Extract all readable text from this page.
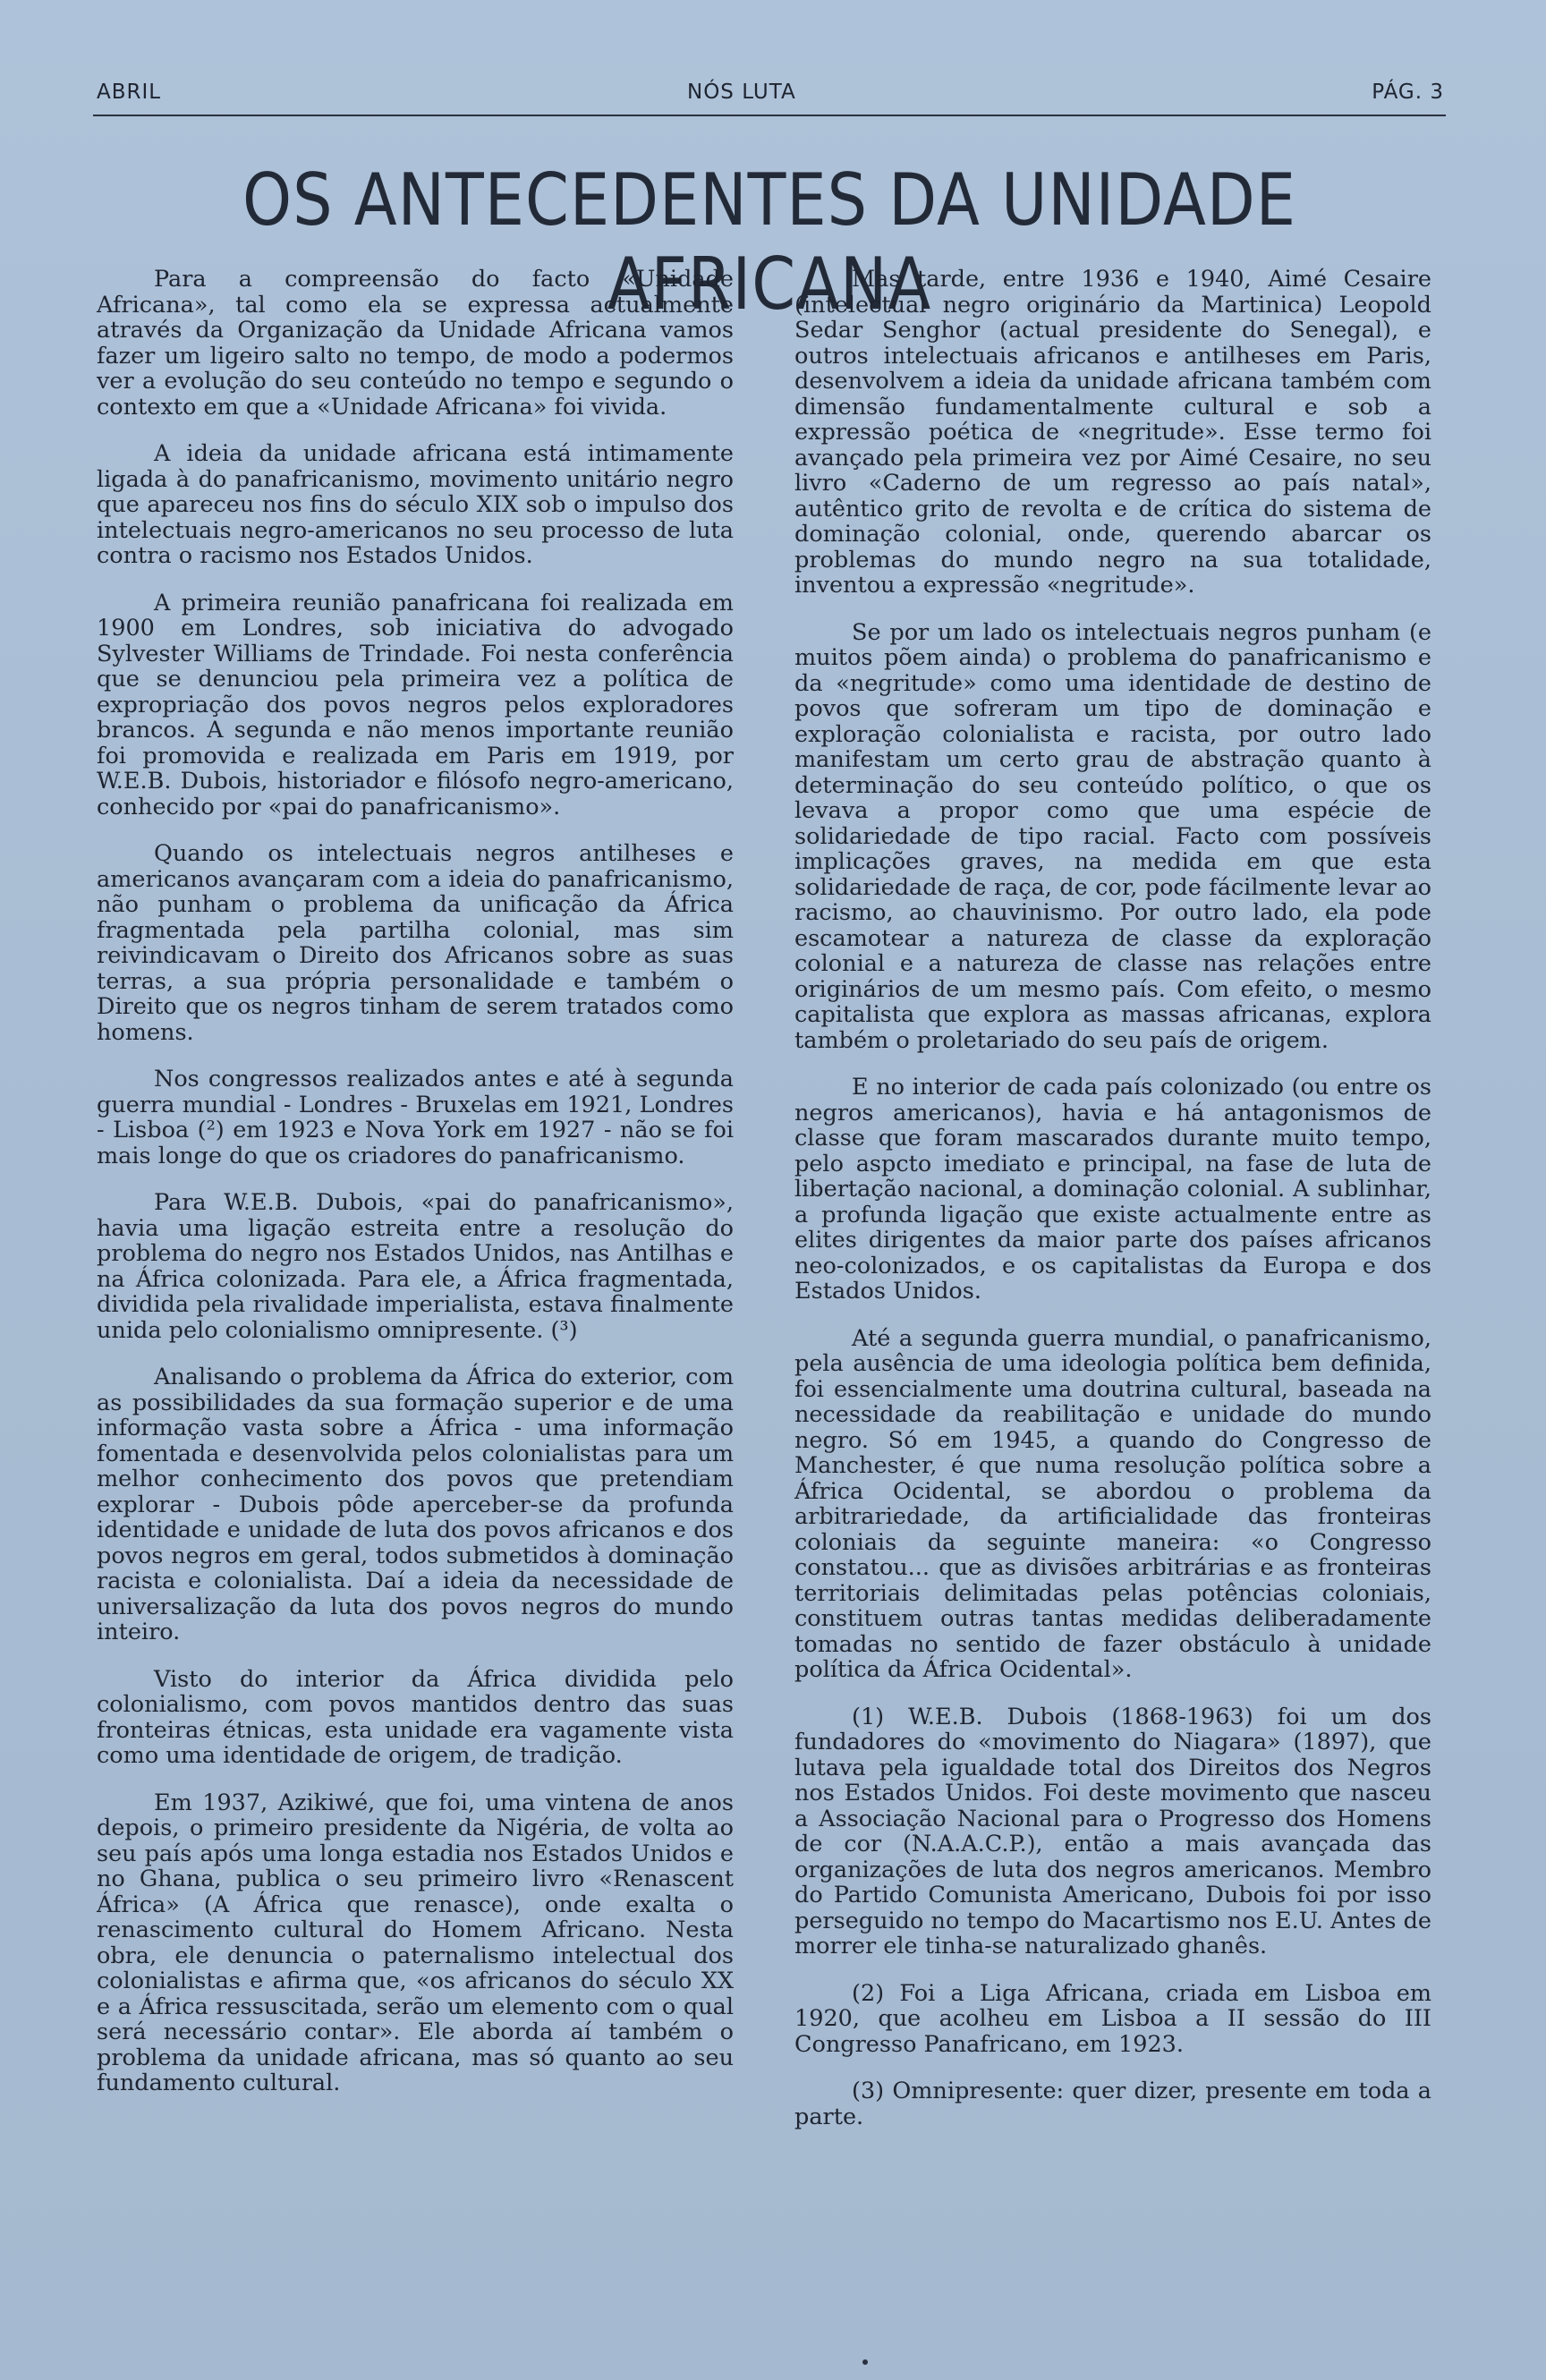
ABRIL	NÓS LUTA	PÁG. 3
OS ANTECEDENTES DA UNIDADE AFRICANA

Para a compreensão do facto «Unidade Africana», tal como ela se expressa actualmente através da Organização da Unidade Africana vamos fazer um ligeiro salto no tempo, de modo a podermos ver a evolução do seu conteúdo no tempo e segundo o contexto em que a «Unidade Africana» foi vivida.

A ideia da unidade africana está intimamente ligada à do panafricanismo, movimento unitário negro que apareceu nos fins do século XIX sob o impulso dos intelectuais negro-americanos no seu processo de luta contra o racismo nos Estados Unidos.

A primeira reunião panafricana foi realizada em 1900 em Londres, sob iniciativa do advogado Sylvester Williams de Trindade. Foi nesta conferência que se denunciou pela primeira vez a política de expropriação dos povos negros pelos exploradores brancos. A segunda e não menos importante reunião foi promovida e realizada em Paris em 1919, por W.E.B. Dubois, historiador e filósofo negro-americano, conhecido por «pai do panafricanismo».

Quando os intelectuais negros antilheses e americanos avançaram com a ideia do panafricanismo, não punham o problema da unificação da África fragmentada pela partilha colonial, mas sim reivindicavam o Direito dos Africanos sobre as suas terras, a sua própria personalidade e também o Direito que os negros tinham de serem tratados como homens.

Nos congressos realizados antes e até à segunda guerra mundial - Londres - Bruxelas em 1921, Londres - Lisboa (²) em 1923 e Nova York em 1927 - não se foi mais longe do que os criadores do panafricanismo.

Para W.E.B. Dubois, «pai do panafricanismo», havia uma ligação estreita entre a resolução do problema do negro nos Estados Unidos, nas Antilhas e na África colonizada. Para ele, a África fragmentada, dividida pela rivalidade imperialista, estava finalmente unida pelo colonialismo omnipresente. (³)

Analisando o problema da África do exterior, com as possibilidades da sua formação superior e de uma informação vasta sobre a África - uma informação fomentada e desenvolvida pelos colonialistas para um melhor conhecimento dos povos que pretendiam explorar - Dubois pôde aperceber-se da profunda identidade e unidade de luta dos povos africanos e dos povos negros em geral, todos submetidos à dominação racista e colonialista. Daí a ideia da necessidade de universalização da luta dos povos negros do mundo inteiro.

Visto do interior da África dividida pelo colonialismo, com povos mantidos dentro das suas fronteiras étnicas, esta unidade era vagamente vista como uma identidade de origem, de tradição.

Em 1937, Azikiwé, que foi, uma vintena de anos depois, o primeiro presidente da Nigéria, de volta ao seu país após uma longa estadia nos Estados Unidos e no Ghana, publica o seu primeiro livro «Renascent África» (A África que renasce), onde exalta o renascimento cultural do Homem Africano. Nesta obra, ele denuncia o paternalismo intelectual dos colonialistas e afirma que, «os africanos do século XX e a África ressuscitada, serão um elemento com o qual será necessário contar». Ele aborda aí também o problema da unidade africana, mas só quanto ao seu fundamento cultural.

Mas tarde, entre 1936 e 1940, Aimé Cesaire (intelectual negro originário da Martinica) Leopold Sedar Senghor (actual presidente do Senegal), e outros intelectuais africanos e antilheses em Paris, desenvolvem a ideia da unidade africana também com dimensão fundamentalmente cultural e sob a expressão poética de «negritude». Esse termo foi avançado pela primeira vez por Aimé Cesaire, no seu livro «Caderno de um regresso ao país natal», autêntico grito de revolta e de crítica do sistema de dominação colonial, onde, querendo abarcar os problemas do mundo negro na sua totalidade, inventou a expressão «negritude».

Se por um lado os intelectuais negros punham (e muitos põem ainda) o problema do panafricanismo e da «negritude» como uma identidade de destino de povos que sofreram um tipo de dominação e exploração colonialista e racista, por outro lado manifestam um certo grau de abstração quanto à determinação do seu conteúdo político, o que os levava a propor como que uma espécie de solidariedade de tipo racial. Facto com possíveis implicações graves, na medida em que esta solidariedade de raça, de cor, pode fácilmente levar ao racismo, ao chauvinismo. Por outro lado, ela pode escamotear a natureza de classe da exploração colonial e a natureza de classe nas relações entre originários de um mesmo país. Com efeito, o mesmo capitalista que explora as massas africanas, explora também o proletariado do seu país de origem.

E no interior de cada país colonizado (ou entre os negros americanos), havia e há antagonismos de classe que foram mascarados durante muito tempo, pelo aspcto imediato e principal, na fase de luta de libertação nacional, a dominação colonial. A sublinhar, a profunda ligação que existe actualmente entre as elites dirigentes da maior parte dos países africanos neo-colonizados, e os capitalistas da Europa e dos Estados Unidos.

Até a segunda guerra mundial, o panafricanismo, pela ausência de uma ideologia política bem definida, foi essencialmente uma doutrina cultural, baseada na necessidade da reabilitação e unidade do mundo negro. Só em 1945, a quando do Congresso de Manchester, é que numa resolução política sobre a África Ocidental, se abordou o problema da arbitrariedade, da artificialidade das fronteiras coloniais da seguinte maneira: «o Congresso constatou... que as divisões arbitrárias e as fronteiras territoriais delimitadas pelas potências coloniais, constituem outras tantas medidas deliberadamente tomadas no sentido de fazer obstáculo à unidade política da África Ocidental».

(1) W.E.B. Dubois (1868-1963) foi um dos fundadores do «movimento do Niagara» (1897), que lutava pela igualdade total dos Direitos dos Negros nos Estados Unidos. Foi deste movimento que nasceu a Associação Nacional para o Progresso dos Homens de cor (N.A.A.C.P.), então a mais avançada das organizações de luta dos negros americanos. Membro do Partido Comunista Americano, Dubois foi por isso perseguido no tempo do Macartismo nos E.U. Antes de morrer ele tinha-se naturalizado ghanês.

(2) Foi a Liga Africana, criada em Lisboa em 1920, que acolheu em Lisboa a II sessão do III Congresso Panafricano, em 1923.

(3) Omnipresente: quer dizer, presente em toda a parte.
